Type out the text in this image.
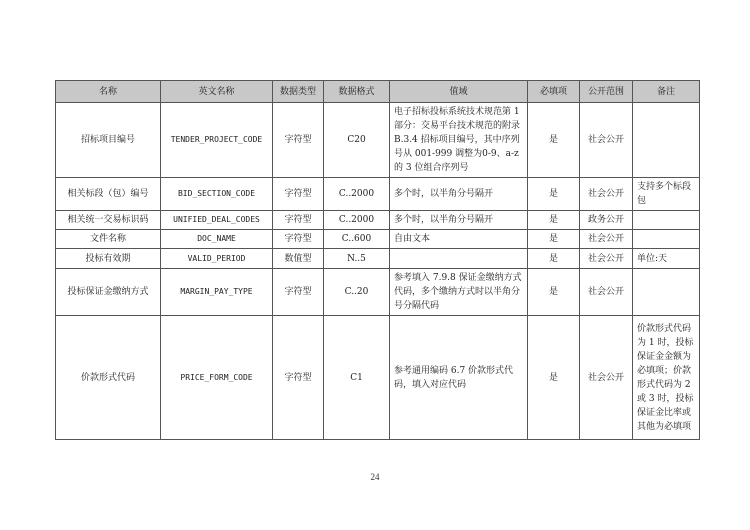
名称	英文名称	数据类型	数据格式	值域	必填项	公开范围	备注
招标项目编号	TENDER_PROJECT_CODE	字符型	C20	电子招标投标系统技术规范第 1 部分：交易平台技术规范的附录 B.3.4 招标项目编号，其中序列号从 001-999 调整为0-9、a-z 的 3 位组合序列号	是	社会公开	
相关标段（包）编号	BID_SECTION_CODE	字符型	C..2000	多个时，以半角分号隔开	是	社会公开	支持多个标段包
相关统一交易标识码	UNIFIED_DEAL_CODES	字符型	C..2000	多个时，以半角分号隔开	是	政务公开	
文件名称	DOC_NAME	字符型	C..600	自由文本	是	社会公开	
投标有效期	VALID_PERIOD	数值型	N..5		是	社会公开	单位:天
投标保证金缴纳方式	MARGIN_PAY_TYPE	字符型	C..20	参考填入 7.9.8 保证金缴纳方式代码，多个缴纳方式时以半角分号分隔代码	是	社会公开	
价款形式代码	PRICE_FORM_CODE	字符型	C1	参考通用编码 6.7 价款形式代码，填入对应代码	是	社会公开	价款形式代码为 1 时，投标保证金金额为必填项；价款形式代码为 2 或 3 时，投标保证金比率或其他为必填项
24
